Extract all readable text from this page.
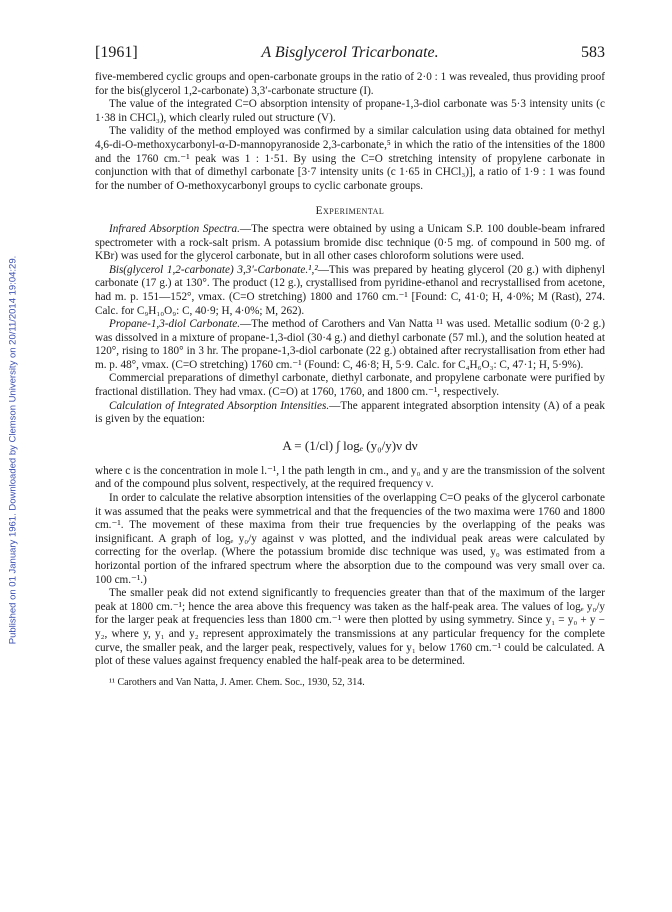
Published on 01 January 1961. Downloaded by Clemson University on 20/11/2014 19:04:29.
[1961]	A Bisglycerol Tricarbonate.	583

five-membered cyclic groups and open-carbonate groups in the ratio of 2·0 : 1 was revealed, thus providing proof for the bis(glycerol 1,2-carbonate) 3,3′-carbonate structure (I).

The value of the integrated C=O absorption intensity of propane-1,3-diol carbonate was 5·3 intensity units (c 1·38 in CHCl₃), which clearly ruled out structure (V).

The validity of the method employed was confirmed by a similar calculation using data obtained for methyl 4,6-di-O-methoxycarbonyl-α-D-mannopyranoside 2,3-carbonate,⁵ in which the ratio of the intensities of the 1800 and the 1760 cm.⁻¹ peak was 1 : 1·51. By using the C=O stretching intensity of propylene carbonate in conjunction with that of dimethyl carbonate [3·7 intensity units (c 1·65 in CHCl₃)], a ratio of 1·9 : 1 was found for the number of O-methoxycarbonyl groups to cyclic carbonate groups.

Experimental

Infrared Absorption Spectra.—The spectra were obtained by using a Unicam S.P. 100 double-beam infrared spectrometer with a rock-salt prism. A potassium bromide disc technique (0·5 mg. of compound in 500 mg. of KBr) was used for the glycerol carbonate, but in all other cases chloroform solutions were used.

Bis(glycerol 1,2-carbonate) 3,3′-Carbonate.¹,²—This was prepared by heating glycerol (20 g.) with diphenyl carbonate (17 g.) at 130°. The product (12 g.), crystallised from pyridine-ethanol and recrystallised from acetone, had m. p. 151—152°, νmax. (C=O stretching) 1800 and 1760 cm.⁻¹ [Found: C, 41·0; H, 4·0%; M (Rast), 274. Calc. for C₉H₁₀O₉: C, 40·9; H, 4·0%; M, 262).

Propane-1,3-diol Carbonate.—The method of Carothers and Van Natta ¹¹ was used. Metallic sodium (0·2 g.) was dissolved in a mixture of propane-1,3-diol (30·4 g.) and diethyl carbonate (57 ml.), and the solution heated at 120°, rising to 180° in 3 hr. The propane-1,3-diol carbonate (22 g.) obtained after recrystallisation from ether had m. p. 48°, νmax. (C=O stretching) 1760 cm.⁻¹ (Found: C, 46·8; H, 5·9. Calc. for C₄H₆O₃: C, 47·1; H, 5·9%).

Commercial preparations of dimethyl carbonate, diethyl carbonate, and propylene carbonate were purified by fractional distillation. They had νmax. (C=O) at 1760, 1760, and 1800 cm.⁻¹, respectively.

Calculation of Integrated Absorption Intensities.—The apparent integrated absorption intensity (A) of a peak is given by the equation:

A = (1/cl) ∫ logₑ (y₀/y)ν dν

where c is the concentration in mole l.⁻¹, l the path length in cm., and y₀ and y are the transmission of the solvent and of the compound plus solvent, respectively, at the required frequency ν.

In order to calculate the relative absorption intensities of the overlapping C=O peaks of the glycerol carbonate it was assumed that the peaks were symmetrical and that the frequencies of the two maxima were 1760 and 1800 cm.⁻¹. The movement of these maxima from their true frequencies by the overlapping of the peaks was insignificant. A graph of logₑ y₀/y against ν was plotted, and the individual peak areas were calculated by correcting for the overlap. (Where the potassium bromide disc technique was used, y₀ was estimated from a horizontal portion of the infrared spectrum where the absorption due to the compound was very small over ca. 100 cm.⁻¹.)

The smaller peak did not extend significantly to frequencies greater than that of the maximum of the larger peak at 1800 cm.⁻¹; hence the area above this frequency was taken as the half-peak area. The values of logₑ y₀/y for the larger peak at frequencies less than 1800 cm.⁻¹ were then plotted by using symmetry. Since y₁ = y₀ + y − y₂, where y, y₁ and y₂ represent approximately the transmissions at any particular frequency for the complete curve, the smaller peak, and the larger peak, respectively, values for y₁ below 1760 cm.⁻¹ could be calculated. A plot of these values against frequency enabled the half-peak area to be determined.

¹¹ Carothers and Van Natta, J. Amer. Chem. Soc., 1930, 52, 314.
